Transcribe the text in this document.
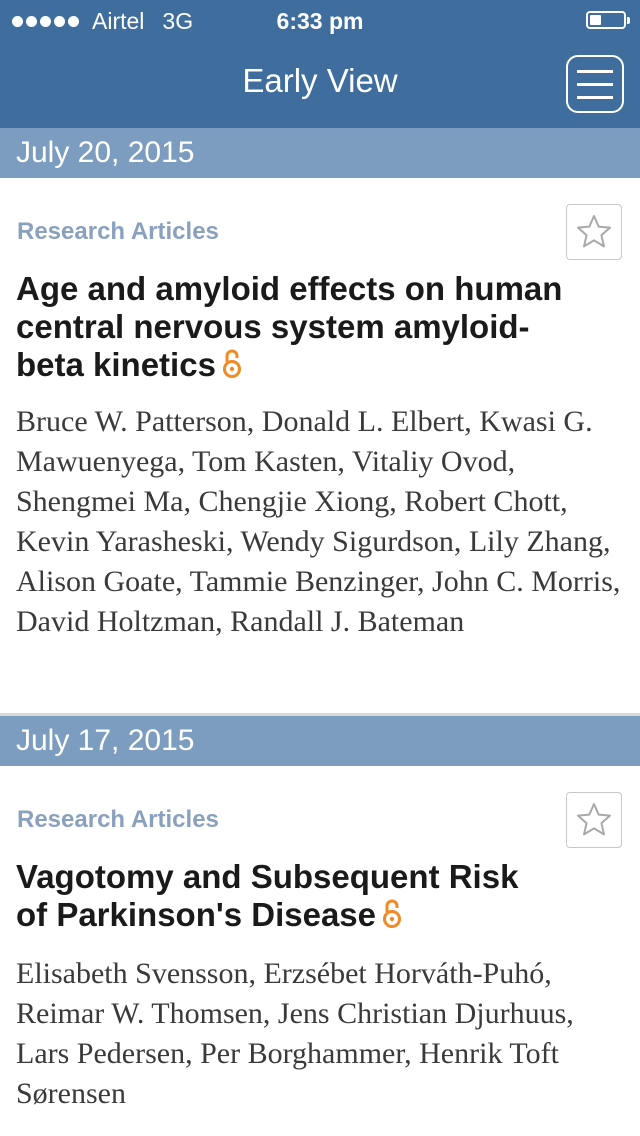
Airtel 3G	6:33 pm
Early View
July 20, 2015
Research Articles
Age and amyloid effects on human central nervous system amyloid-beta kinetics
Bruce W. Patterson, Donald L. Elbert, Kwasi G. Mawuenyega, Tom Kasten, Vitaliy Ovod, Shengmei Ma, Chengjie Xiong, Robert Chott, Kevin Yarasheski, Wendy Sigurdson, Lily Zhang, Alison Goate, Tammie Benzinger, John C. Morris, David Holtzman, Randall J. Bateman
July 17, 2015
Research Articles
Vagotomy and Subsequent Risk of Parkinson's Disease
Elisabeth Svensson, Erzsébet Horváth-Puhó, Reimar W. Thomsen, Jens Christian Djurhuus, Lars Pedersen, Per Borghammer, Henrik Toft Sørensen
